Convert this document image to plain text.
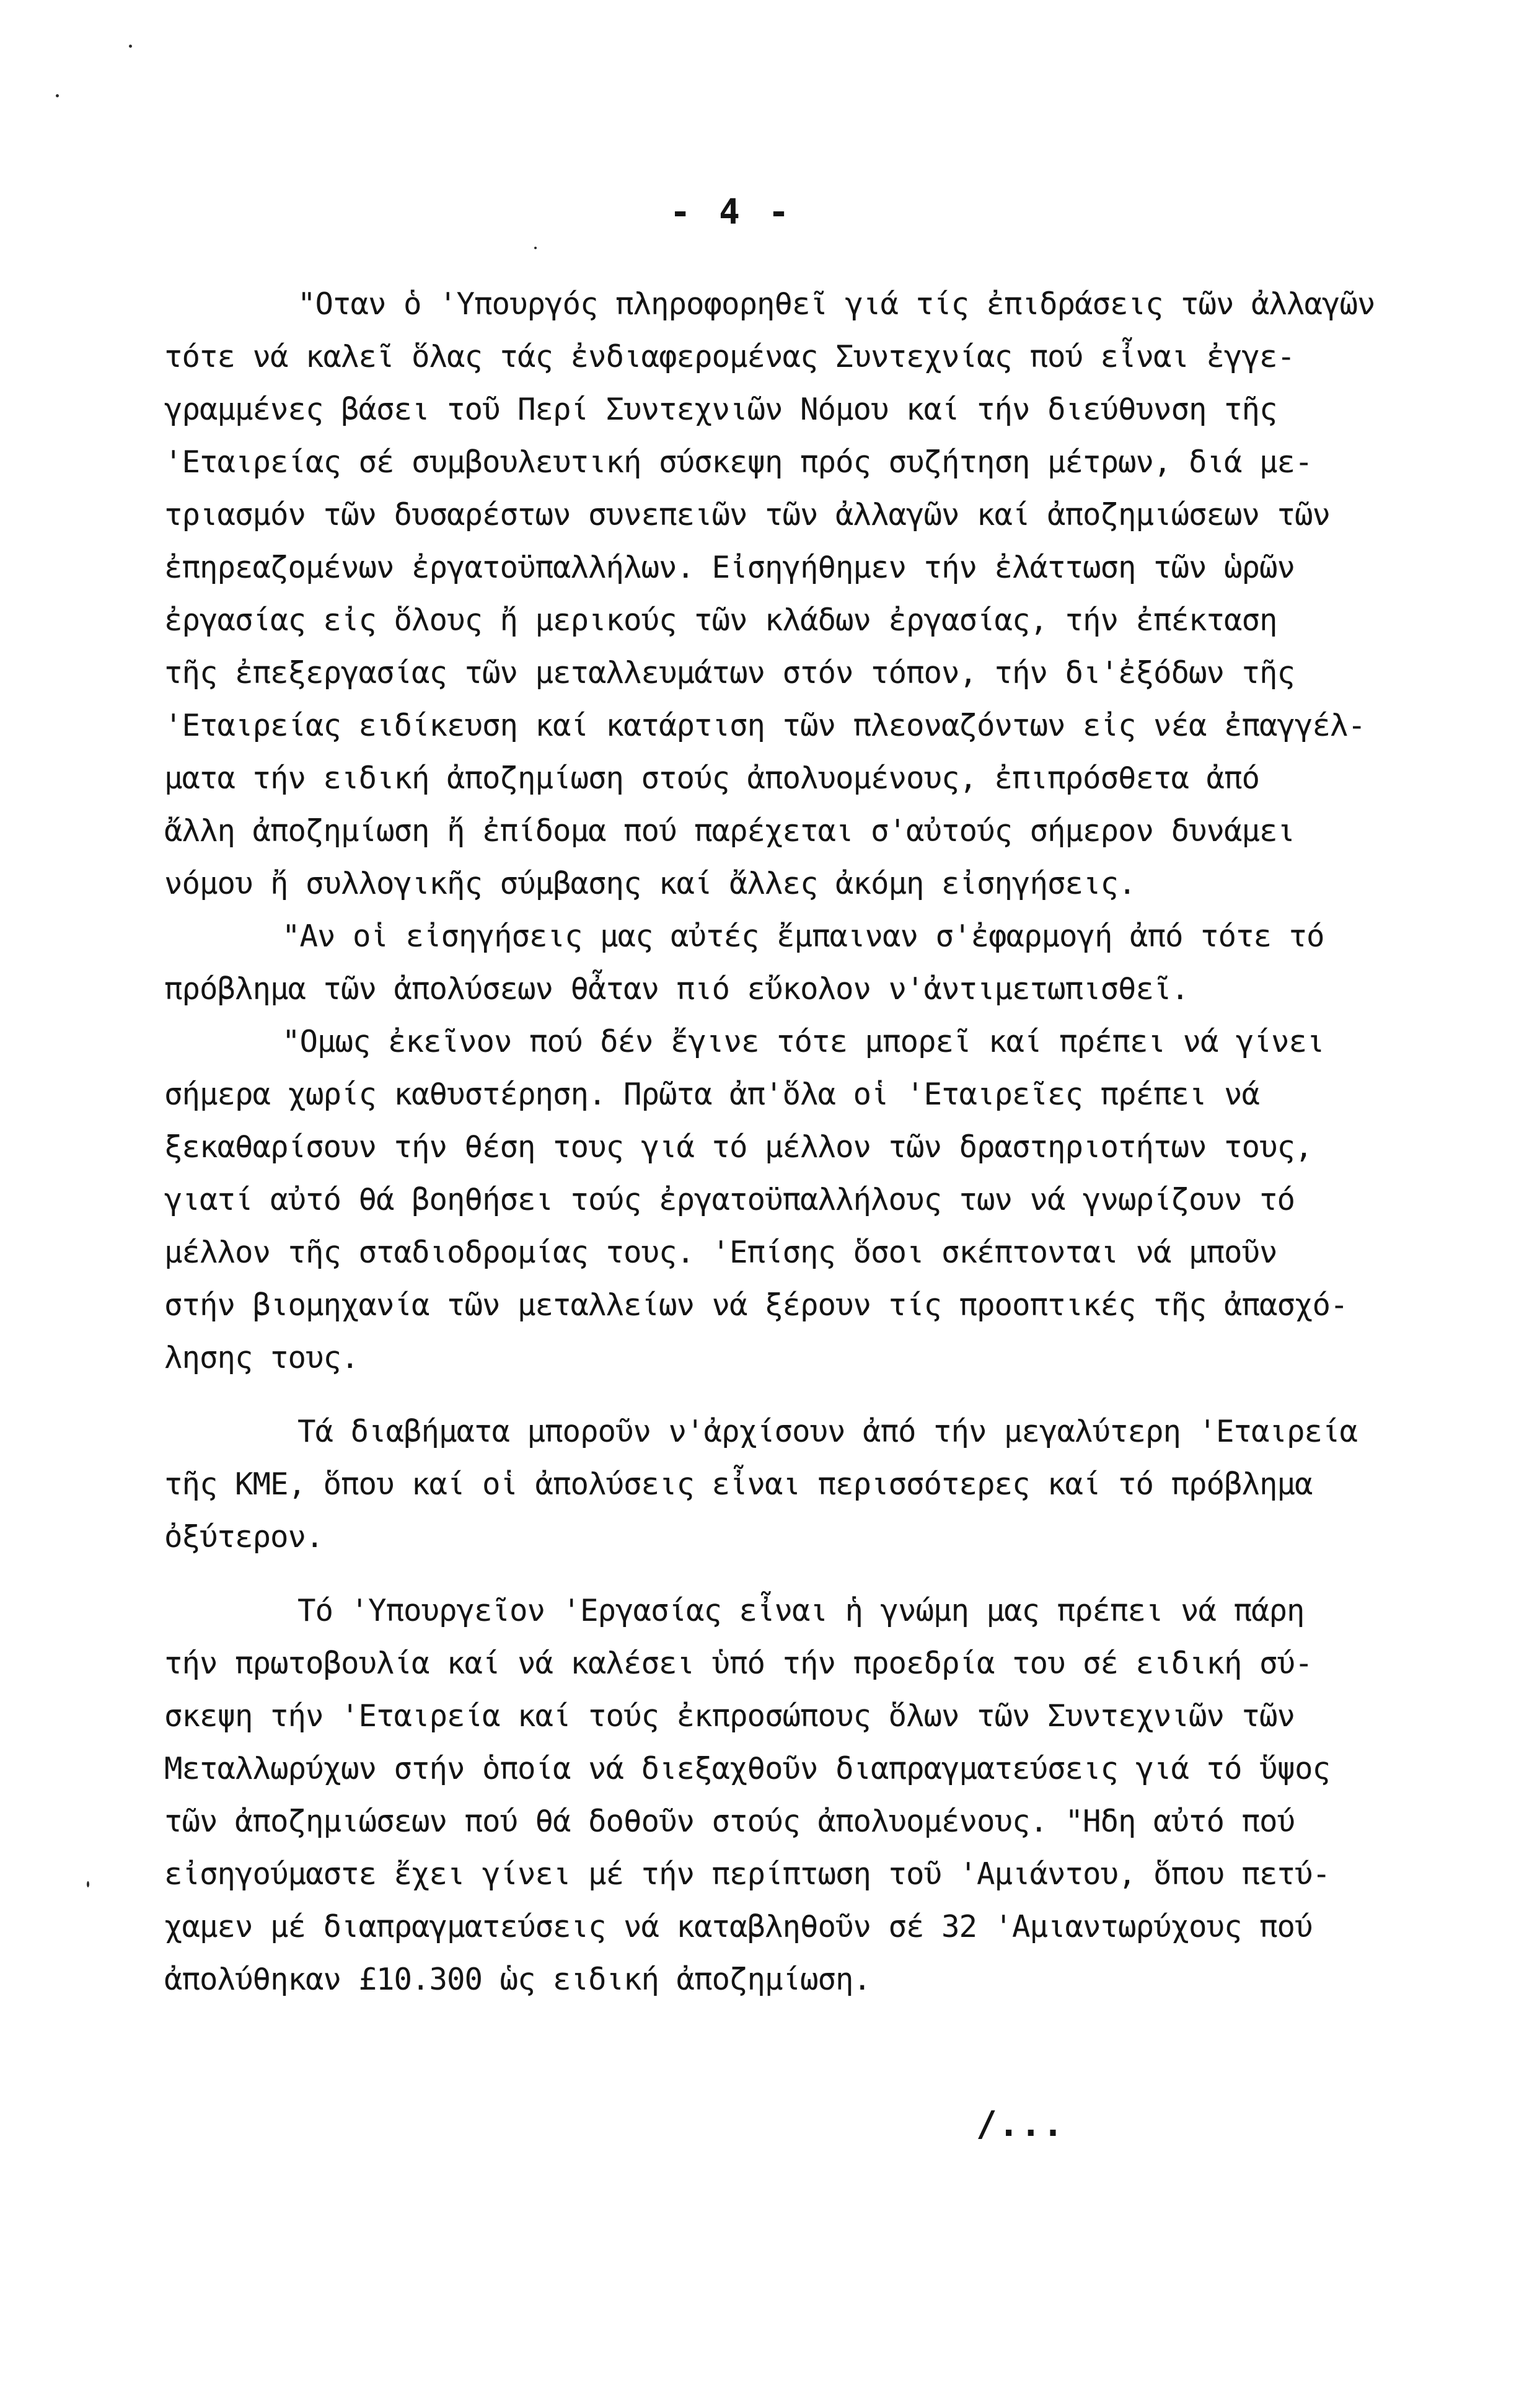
- 4 -
"Οταν ὁ 'Υπουργός πληροφορηθεῖ γιά τίς ἐπιδράσεις τῶν ἀλλαγῶν
τότε νά καλεῖ ὅλας τάς ἐνδιαφερομένας Συντεχνίας πού εἶναι ἐγγε-
γραμμένες βάσει τοῦ Περί Συντεχνιῶν Νόμου καί τήν διεύθυνση τῆς
'Εταιρείας σέ συμβουλευτική σύσκεψη πρός συζήτηση μέτρων, διά με-
τριασμόν τῶν δυσαρέστων συνεπειῶν τῶν ἀλλαγῶν καί ἀποζημιώσεων τῶν
ἐπηρεαζομένων ἐργατοϋπαλλήλων. Εἰσηγήθημεν τήν ἐλάττωση τῶν ὡρῶν
ἐργασίας εἰς ὅλους ἤ μερικούς τῶν κλάδων ἐργασίας, τήν ἐπέκταση
τῆς ἐπεξεργασίας τῶν μεταλλευμάτων στόν τόπον, τήν δι'ἐξόδων τῆς
'Εταιρείας ειδίκευση καί κατάρτιση τῶν πλεοναζόντων εἰς νέα ἐπαγγέλ-
ματα τήν ειδική ἀποζημίωση στούς ἀπολυομένους, ἐπιπρόσθετα ἀπό
ἄλλη ἀποζημίωση ἤ ἐπίδομα πού παρέχεται σ'αὐτούς σήμερον δυνάμει
νόμου ἤ συλλογικῆς σύμβασης καί ἄλλες ἀκόμη εἰσηγήσεις.
"Αν οἱ εἰσηγήσεις μας αὐτές ἔμπαιναν σ'ἐφαρμογή ἀπό τότε τό
πρόβλημα τῶν ἀπολύσεων θἆταν πιό εὔκολον ν'ἀντιμετωπισθεῖ.
"Ομως ἐκεῖνον πού δέν ἔγινε τότε μπορεῖ καί πρέπει νά γίνει
σήμερα χωρίς καθυστέρηση. Πρῶτα ἀπ'ὅλα οἱ 'Εταιρεῖες πρέπει νά
ξεκαθαρίσουν τήν θέση τους γιά τό μέλλον τῶν δραστηριοτήτων τους,
γιατί αὐτό θά βοηθήσει τούς ἐργατοϋπαλλήλους των νά γνωρίζουν τό
μέλλον τῆς σταδιοδρομίας τους. 'Επίσης ὅσοι σκέπτονται νά μποῦν
στήν βιομηχανία τῶν μεταλλείων νά ξέρουν τίς προοπτικές τῆς ἀπασχό-
λησης τους.
Τά διαβήματα μποροῦν ν'ἀρχίσουν ἀπό τήν μεγαλύτερη 'Εταιρεία
τῆς ΚΜΕ, ὅπου καί οἱ ἀπολύσεις εἶναι περισσότερες καί τό πρόβλημα
ὀξύτερον.
Τό 'Υπουργεῖον 'Εργασίας εἶναι ἡ γνώμη μας πρέπει νά πάρη
τήν πρωτοβουλία καί νά καλέσει ὑπό τήν προεδρία του σέ ειδική σύ-
σκεψη τήν 'Εταιρεία καί τούς ἐκπροσώπους ὅλων τῶν Συντεχνιῶν τῶν
Μεταλλωρύχων στήν ὁποία νά διεξαχθοῦν διαπραγματεύσεις γιά τό ὕψος
τῶν ἀποζημιώσεων πού θά δοθοῦν στούς ἀπολυομένους. "Ηδη αὐτό πού
εἰσηγούμαστε ἔχει γίνει μέ τήν περίπτωση τοῦ 'Αμιάντου, ὅπου πετύ-
χαμεν μέ διαπραγματεύσεις νά καταβληθοῦν σέ 32 'Αμιαντωρύχους πού
ἀπολύθηκαν £10.300 ὡς ειδική ἀποζημίωση.
/...
